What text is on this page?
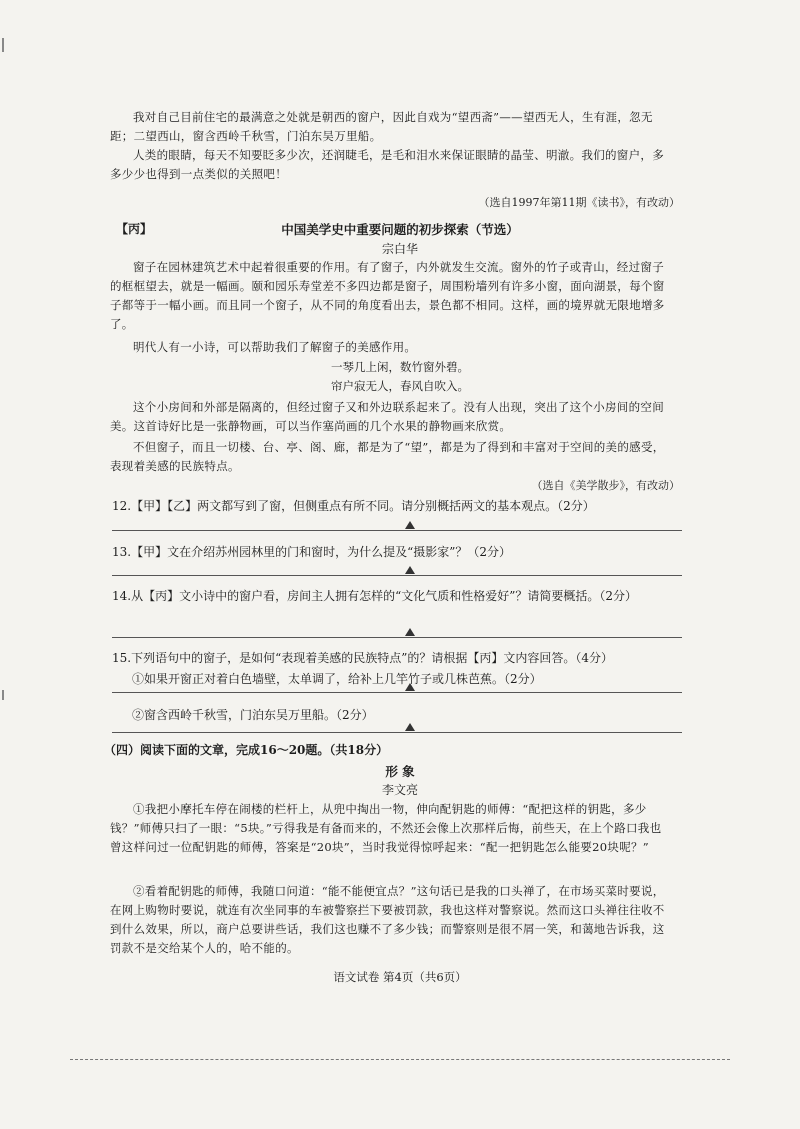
我对自己目前住宅的最满意之处就是朝西的窗户，因此自戏为“望西斋”——望西无人，生有涯，忽无距；二望西山，窗含西岭千秋雪，门泊东吴万里船。

人类的眼睛，每天不知要眨多少次，还润睫毛，是毛和泪水来保证眼睛的晶莹、明澈。我们的窗户，多多少少也得到一点类似的关照吧！

（选自1997年第11期《读书》，有改动）
【丙】	中国美学史中重要问题的初步探索（节选）
宗白华

窗子在园林建筑艺术中起着很重要的作用。有了窗子，内外就发生交流。窗外的竹子或青山，经过窗子的框框望去，就是一幅画。颐和园乐寿堂差不多四边都是窗子，周围粉墙列有许多小窗，面向湖景，每个窗子都等于一幅小画。而且同一个窗子，从不同的角度看出去，景色都不相同。这样，画的境界就无限地增多了。

明代人有一小诗，可以帮助我们了解窗子的美感作用。

一琴几上闲，数竹窗外碧。
帘户寂无人，春风自吹入。

这个小房间和外部是隔离的，但经过窗子又和外边联系起来了。没有人出现，突出了这个小房间的空间美。这首诗好比是一张静物画，可以当作塞尚画的几个水果的静物画来欣赏。

不但窗子，而且一切楼、台、亭、阁、廊，都是为了“望”，都是为了得到和丰富对于空间的美的感受，表现着美感的民族特点。

（选自《美学散步》，有改动）

12.【甲】【乙】两文都写到了窗，但侧重点有所不同。请分别概括两文的基本观点。（2分）

13.【甲】文在介绍苏州园林里的门和窗时，为什么提及“摄影家”？（2分）

14.从【丙】文小诗中的窗户看，房间主人拥有怎样的“文化气质和性格爱好”？请简要概括。（2分）

15.下列语句中的窗子，是如何“表现着美感的民族特点”的？请根据【丙】文内容回答。（4分）

①如果开窗正对着白色墙壁，太单调了，给补上几竿竹子或几株芭蕉。（2分）

②窗含西岭千秋雪，门泊东吴万里船。（2分）

（四）阅读下面的文章，完成16～20题。（共18分）

形 象
李文亮

①我把小摩托车停在闹楼的栏杆上，从兜中掏出一物，伸向配钥匙的师傅：“配把这样的钥匙，多少钱？”师傅只扫了一眼：“5块。”亏得我是有备而来的，不然还会像上次那样后悔，前些天，在上个路口我也曾这样问过一位配钥匙的师傅，答案是“20块”，当时我觉得惊呼起来：“配一把钥匙怎么能要20块呢？”

②看着配钥匙的师傅，我随口问道：“能不能便宜点？”这句话已是我的口头禅了，在市场买菜时要说，在网上购物时要说，就连有次坐同事的车被警察拦下要被罚款，我也这样对警察说。然而这口头禅往往收不到什么效果，所以，商户总要讲些话，我们这也赚不了多少钱；而警察则是很不屑一笑，和蔼地告诉我，这罚款不是交给某个人的，哈不能的。

语文试卷 第4页（共6页）
